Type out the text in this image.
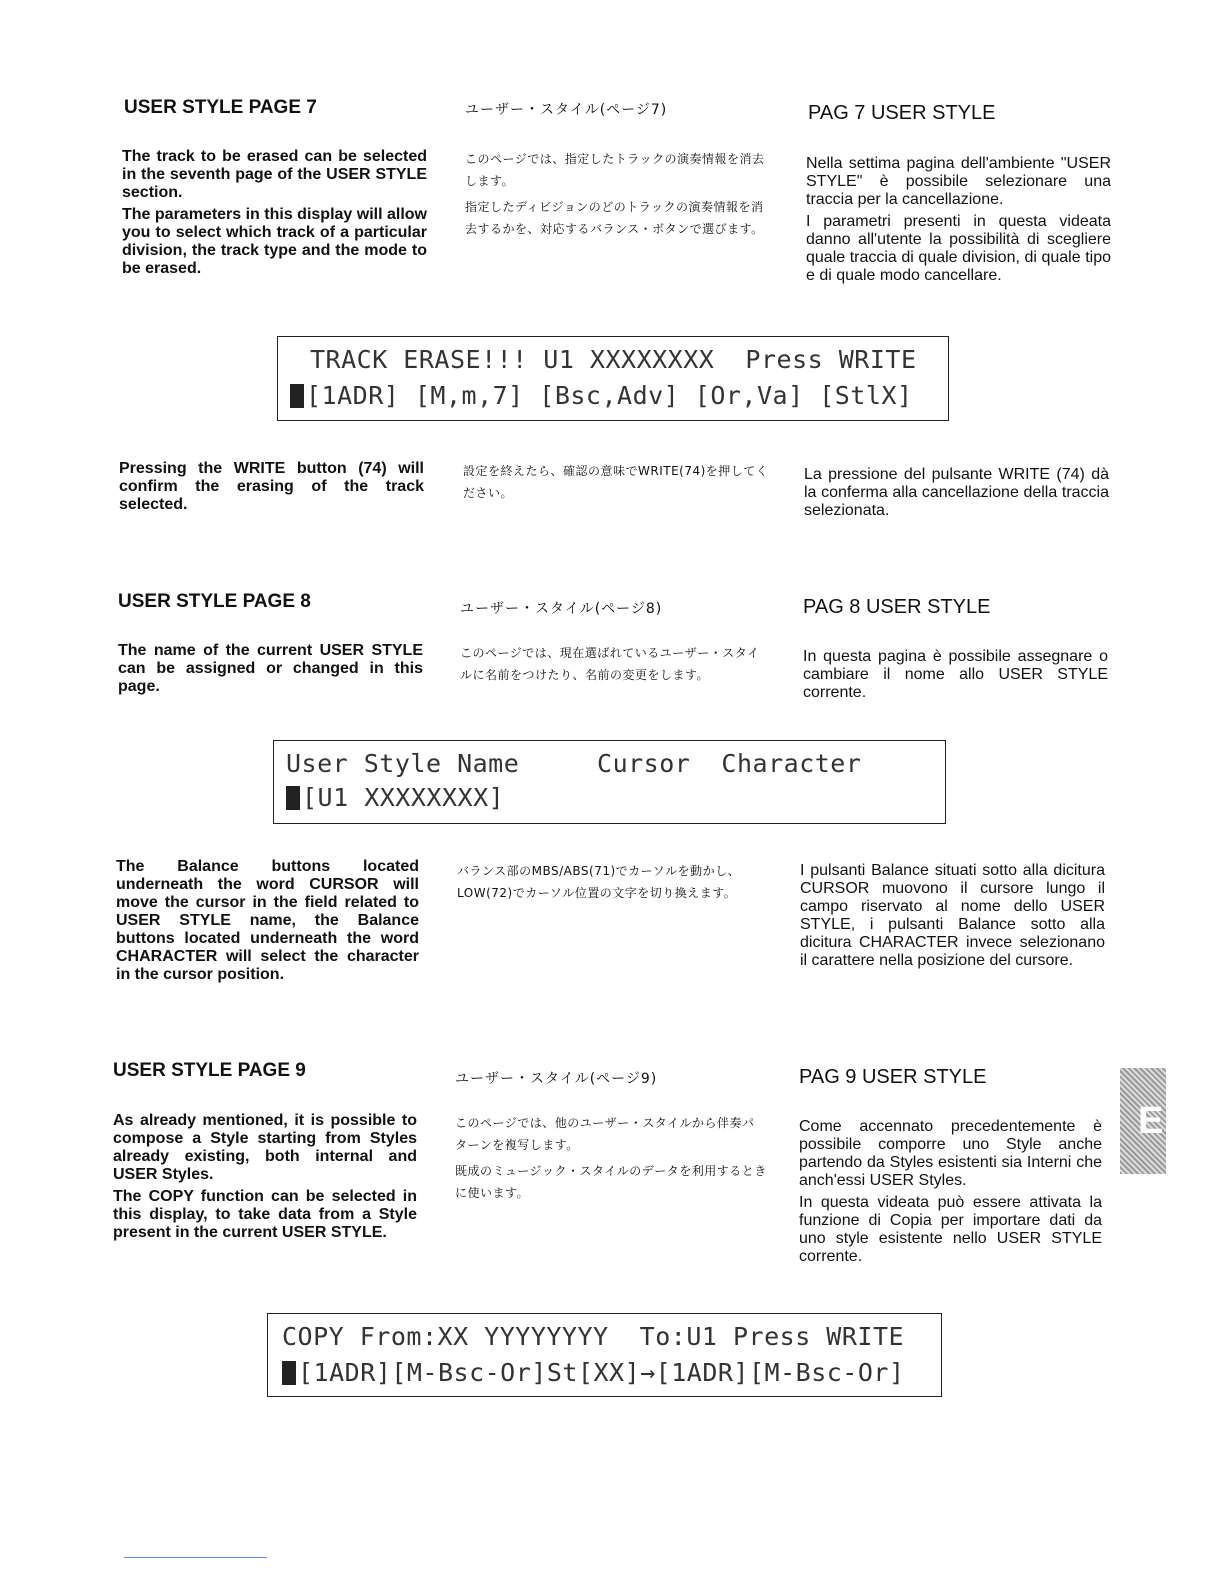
USER STYLE PAGE 7	ユーザー・スタイル(ページ7)	PAG 7 USER STYLE

The track to be erased can be selected in the seventh page of the USER STYLE section.

The parameters in this display will allow you to select which track of a particular division, the track type and the mode to be erased.

このページでは、指定したトラックの演奏情報を消去します。

指定したディビジョンのどのトラックの演奏情報を消去するかを、対応するバランス・ボタンで選びます。

Nella settima pagina dell'ambiente "USER STYLE" è possibile selezionare una traccia per la cancellazione.

I parametri presenti in questa videata danno all'utente la possibilità di scegliere quale traccia di quale division, di quale tipo e di quale modo cancellare.

TRACK ERASE!!! U1 XXXXXXXX  Press WRITE
[1ADR] [M,m,7] [Bsc,Adv] [Or,Va] [StlX]
Pressing the WRITE button (74) will confirm the erasing of the track selected.
設定を終えたら、確認の意味でWRITE(74)を押してください。
La pressione del pulsante WRITE (74) dà la conferma alla cancellazione della traccia selezionata.
USER STYLE PAGE 8	ユーザー・スタイル(ページ8)	PAG 8 USER STYLE
The name of the current USER STYLE can be assigned or changed in this page.
このページでは、現在選ばれているユーザー・スタイルに名前をつけたり、名前の変更をします。
In questa pagina è possibile assegnare o cambiare il nome allo USER STYLE corrente.
User Style Name     Cursor  Character
[U1 XXXXXXXX]
The Balance buttons located underneath the word CURSOR will move the cursor in the field related to USER STYLE name, the Balance buttons located underneath the word CHARACTER will select the character in the cursor position.
バランス部のMBS/ABS(71)でカーソルを動かし、LOW(72)でカーソル位置の文字を切り換えます。
I pulsanti Balance situati sotto alla dicitura CURSOR muovono il cursore lungo il campo riservato al nome dello USER STYLE, i pulsanti Balance sotto alla dicitura CHARACTER invece selezionano il carattere nella posizione del cursore.
USER STYLE PAGE 9	ユーザー・スタイル(ページ9)	PAG 9 USER STYLE

As already mentioned, it is possible to compose a Style starting from Styles already existing, both internal and USER Styles.

The COPY function can be selected in this display, to take data from a Style present in the current USER STYLE.

このページでは、他のユーザー・スタイルから伴奏パターンを複写します。

既成のミュージック・スタイルのデータを利用するときに使います。

Come accennato precedentemente è possibile comporre uno Style anche partendo da Styles esistenti sia Interni che anch'essi USER Styles.

In questa videata può essere attivata la funzione di Copia per importare dati da uno style esistente nello USER STYLE corrente.

COPY From:XX YYYYYYYY  To:U1 Press WRITE
[1ADR][M-Bsc-Or]St[XX]→[1ADR][M-Bsc-Or]
E
